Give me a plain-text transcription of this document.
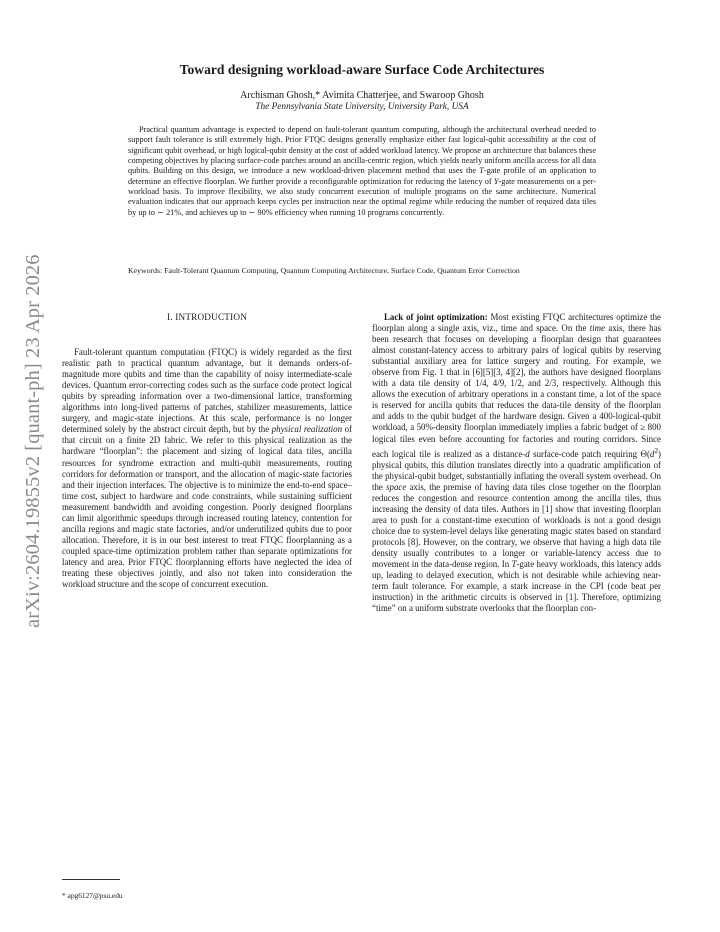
arXiv:2604.19855v2 [quant-ph] 23 Apr 2026
Toward designing workload-aware Surface Code Architectures
Archisman Ghosh,* Avimita Chatterjee, and Swaroop Ghosh
The Pennsylvania State University, University Park, USA

Practical quantum advantage is expected to depend on fault-tolerant quantum computing, although the architectural overhead needed to support fault tolerance is still extremely high. Prior FTQC designs generally emphasize either fast logical-qubit accessibility at the cost of significant qubit overhead, or high logical-qubit density at the cost of added workload latency. We propose an architecture that balances these competing objectives by placing surface-code patches around an ancilla-centric region, which yields nearly uniform ancilla access for all data qubits. Building on this design, we introduce a new workload-driven placement method that uses the T-gate profile of an application to determine an effective floorplan. We further provide a reconfigurable optimization for reducing the latency of Y-gate measurements on a per-workload basis. To improve flexibility, we also study concurrent execution of multiple programs on the same architecture. Numerical evaluation indicates that our approach keeps cycles per instruction near the optimal regime while reducing the number of required data tiles by up to ∼ 21%, and achieves up to ∼ 90% efficiency when running 10 programs concurrently.

Keywords: Fault-Tolerant Quantum Computing, Quantum Computing Architecture, Surface Code, Quantum Error Correction

I. INTRODUCTION

Fault-tolerant quantum computation (FTQC) is widely regarded as the first realistic path to practical quantum advantage, but it demands orders-of-magnitude more qubits and time than the capability of noisy intermediate-scale devices. Quantum error-correcting codes such as the surface code protect logical qubits by spreading information over a two-dimensional lattice, transforming algorithms into long-lived patterns of patches, stabilizer measurements, lattice surgery, and magic-state injections. At this scale, performance is no longer determined solely by the abstract circuit depth, but by the physical realization of that circuit on a finite 2D fabric. We refer to this physical realization as the hardware “floorplan”: the placement and sizing of logical data tiles, ancilla resources for syndrome extraction and multi-qubit measurements, routing corridors for deformation or transport, and the allocation of magic-state factories and their injection interfaces. The objective is to minimize the end-to-end space–time cost, subject to hardware and code constraints, while sustaining sufficient measurement bandwidth and avoiding congestion. Poorly designed floorplans can limit algorithmic speedups through increased routing latency, contention for ancilla regions and magic state factories, and/or underutilized qubits due to poor allocation. Therefore, it is in our best interest to treat FTQC floorplanning as a coupled space-time optimization problem rather than separate optimizations for latency and area. Prior FTQC floorplanning efforts have neglected the idea of treating these objectives jointly, and also not taken into consideration the workload structure and the scope of concurrent execution.

Lack of joint optimization: Most existing FTQC architectures optimize the floorplan along a single axis, viz., time and space. On the time axis, there has been research that focuses on developing a floorplan design that guarantees almost constant-latency access to arbitrary pairs of logical qubits by reserving substantial auxiliary area for lattice surgery and routing. For example, we observe from Fig. 1 that in [6][5][3, 4][2], the authors have designed floorplans with a data tile density of 1/4, 4/9, 1/2, and 2/3, respectively. Although this allows the execution of arbitrary operations in a constant time, a lot of the space is reserved for ancilla qubits that reduces the data-tile density of the floorplan and adds to the qubit budget of the hardware design. Given a 400-logical-qubit workload, a 50%-density floorplan immediately implies a fabric budget of ≥ 800 logical tiles even before accounting for factories and routing corridors. Since each logical tile is realized as a distance-d surface-code patch requiring $\Theta(d^2)$ physical qubits, this dilution translates directly into a quadratic amplification of the physical-qubit budget, substantially inflating the overall system overhead. On the space axis, the premise of having data tiles close together on the floorplan reduces the congestion and resource contention among the ancilla tiles, thus increasing the density of data tiles. Authors in [1] show that investing floorplan area to push for a constant-time execution of workloads is not a good design choice due to system-level delays like generating magic states based on standard protocols [8]. However, on the contrary, we observe that having a high data tile density usually contributes to a longer or variable-latency access due to movement in the data-dense region. In T-gate heavy workloads, this latency adds up, leading to delayed execution, which is not desirable while achieving near-term fault tolerance. For example, a stark increase in the CPI (code beat per instruction) in the arithmetic circuits is observed in [1]. Therefore, optimizing “time” on a uniform substrate overlooks that the floorplan con-

* apg6127@psu.edu
